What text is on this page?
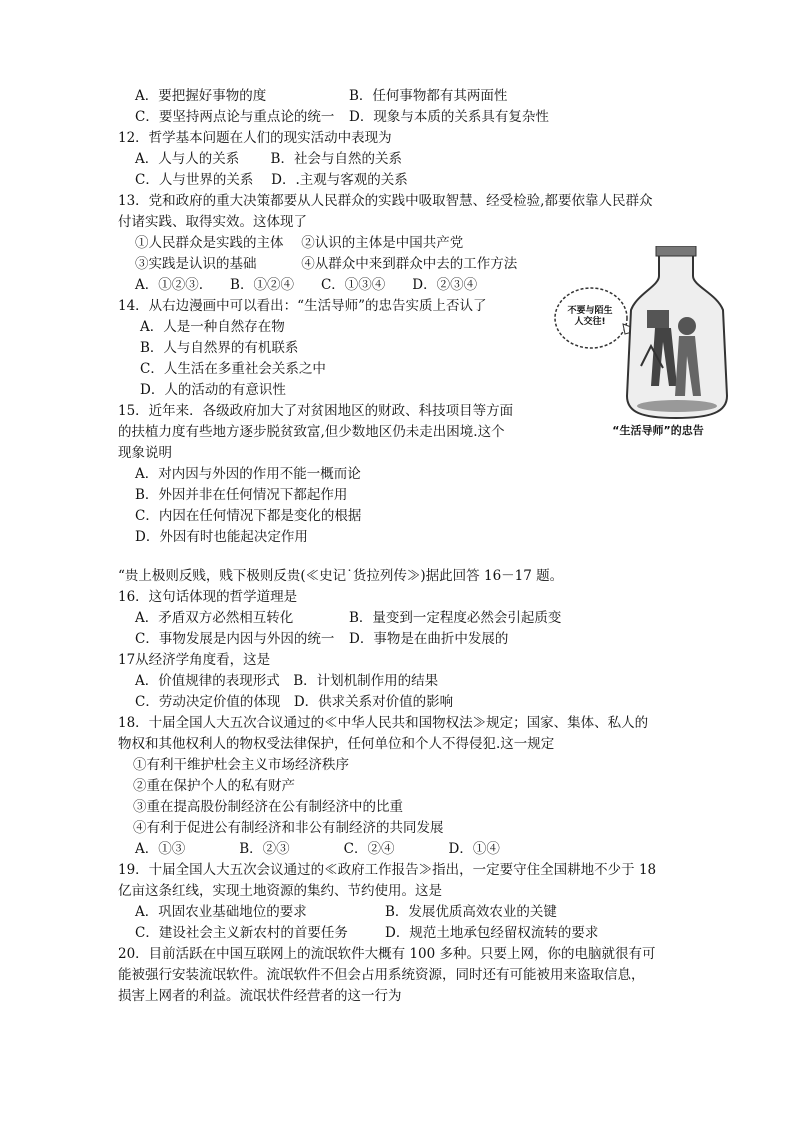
A．要把握好事物的度	B．任何事物都有其两面性
C．要坚持两点论与重点论的统一 D．现象与本质的关系具有复杂性
12．哲学基本问题在人们的现实活动中表现为
A．人与人的关系　　 B．社会与自然的关系
C．人与世界的关系　 D．.主观与客观的关系
13．党和政府的重大决策都要从人民群众的实践中吸取智慧、经受检验,都要依靠人民群众
付诸实践、取得实效。这体现了
①人民群众是实践的主体　 ②认识的主体是中国共产党
③实践是认识的基础　　　 ④从群众中来到群众中去的工作方法
A．①②③.　　B．①②④　　C．①③④　　D．②③④
14．从右边漫画中可以看出：“生活导师”的忠告实质上否认了
A．人是一种自然存在物
B．人与自然界的有机联系
C．人生活在多重社会关系之中
D．人的活动的有意识性
15．近年来．各级政府加大了对贫困地区的财政、科技项目等方面
的扶植力度有些地方逐步脱贫致富,但少数地区仍未走出困境.这个
现象说明
A．对内因与外因的作用不能一概而论
B．外因并非在任何情况下都起作用
C．内因在任何情况下都是变化的根据
D．外因有时也能起决定作用
“贵上极则反贱，贱下极则反贵(≪史记˙货拉列传≫)据此回答 16－17 题。
16．这句话体现的哲学道理是
A．矛盾双方必然相互转化	B．量变到一定程度必然会引起质变
C．事物发展是内因与外因的统一 D．事物是在曲折中发展的
17从经济学角度看，这是
A．价值规律的表现形式　B．计划机制作用的结果
C．劳动决定价值的体现　D．供求关系对价值的影响
18．十届全国人大五次合议通过的≪中华人民共和国物权法≫规定；国家、集体、私人的
物权和其他权利人的物权受法律保护，任何单位和个人不得侵犯.这一规定
①有利干维护杜会主义市场经济秩序
②重在保护个人的私有财产
③重在提高股份制经济在公有制经济中的比重
④有利于促进公有制经济和非公有制经济的共同发展
A．①③　　　　B．②③　　　　C．②④　　　　D．①④
19．十届全国人大五次会议通过的≪政府工作报告≫指出，一定要守住全国耕地不少于 18
亿亩这条红线，实现土地资源的集约、节约使用。这是
A．巩固农业基础地位的要求	B．发展优质高效农业的关键
C．建设社会主义新农村的首要任务	D．规范土地承包经留权流转的要求
20．目前活跃在中国互联网上的流氓软件大概有 100 多种。只要上网，你的电脑就很有可
能被强行安装流氓软件。流氓软件不但会占用系统资源，同时还有可能被用来盗取信息，
损害上网者的利益。流氓状件经营者的这一行为
不要与陌生人交往!
“生活导师”的忠告
